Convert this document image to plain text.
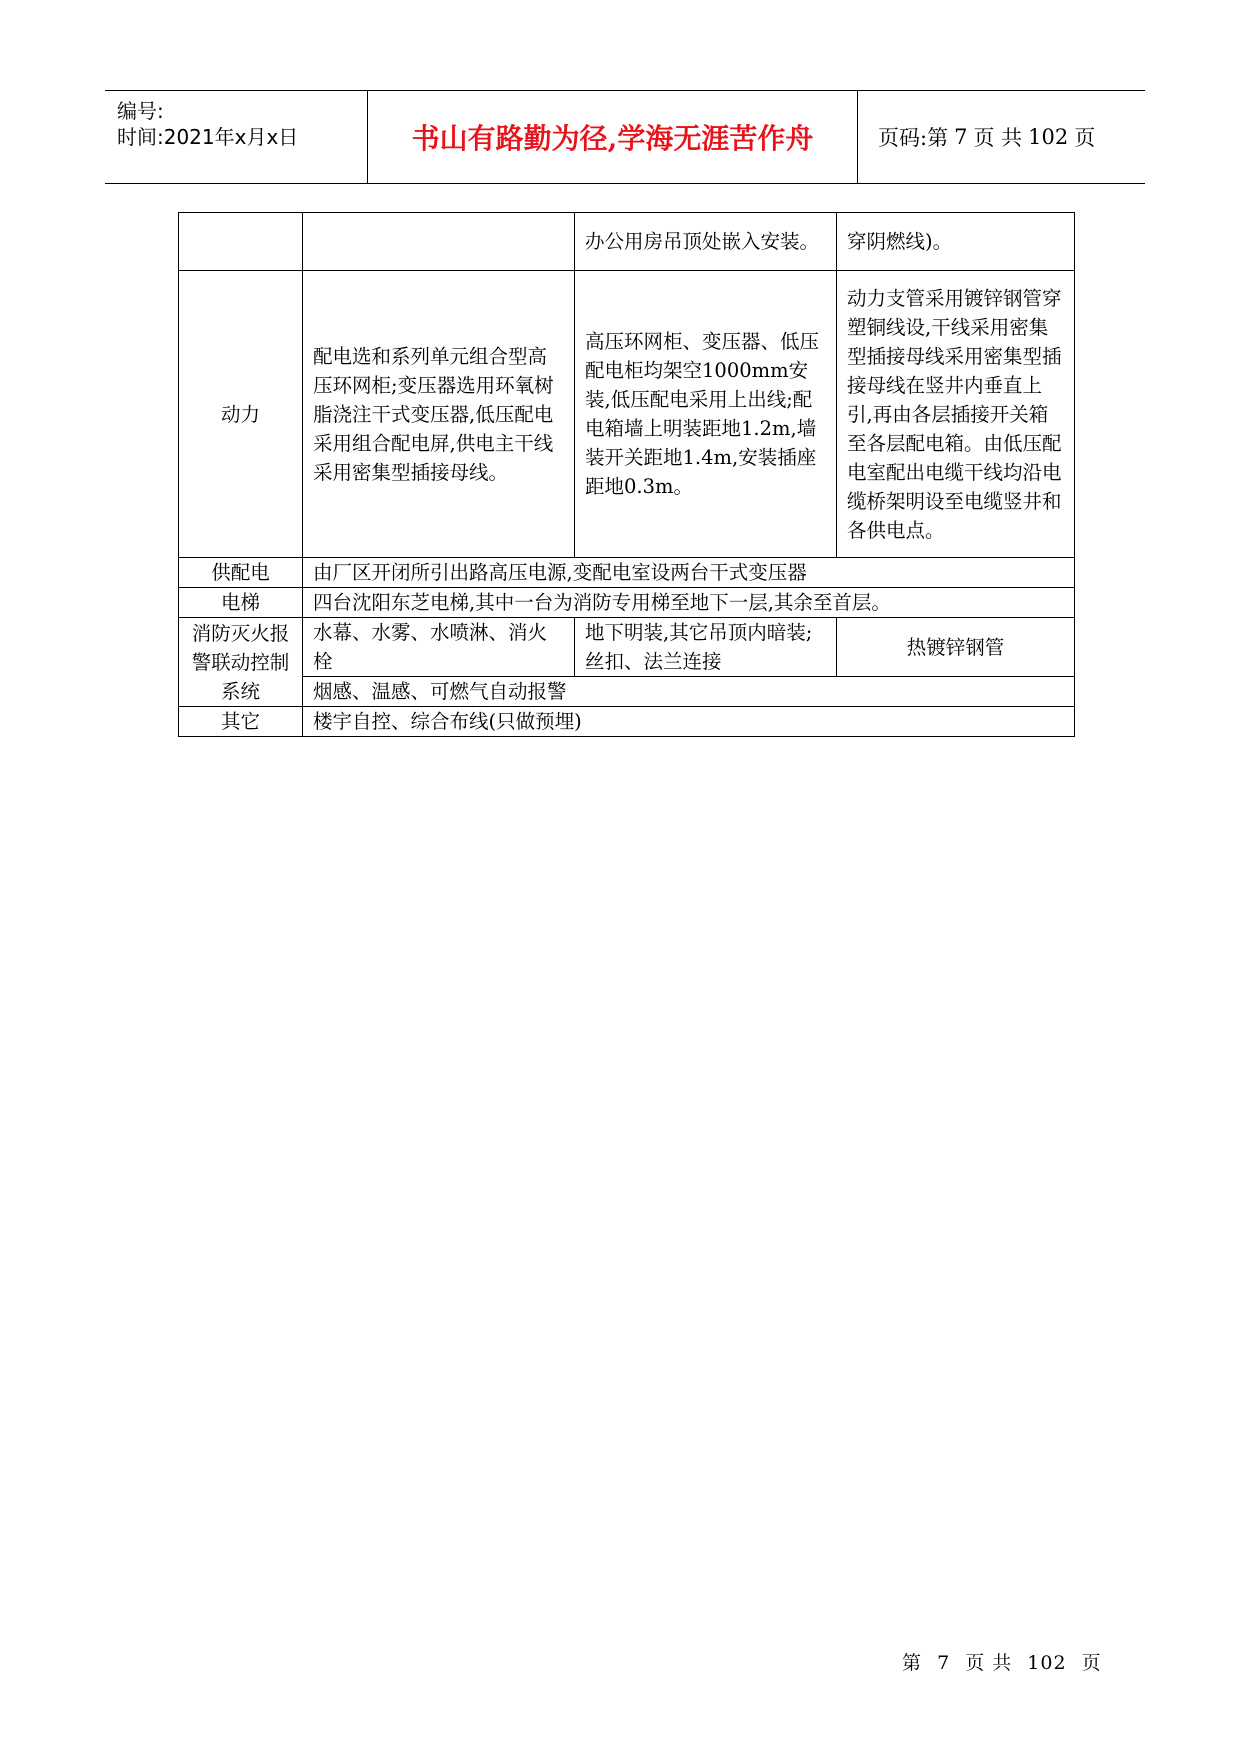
编号:
时间:2021年x月x日	书山有路勤为径,学海无涯苦作舟	页码:第 7 页 共 102 页
		办公用房吊顶处嵌入安装。	穿阴燃线)。
动力	配电选和系列单元组合型高压环网柜;变压器选用环氧树脂浇注干式变压器,低压配电采用组合配电屏,供电主干线采用密集型插接母线。	高压环网柜、变压器、低压配电柜均架空1000mm安装,低压配电采用上出线;配电箱墙上明装距地1.2m,墙装开关距地1.4m,安装插座距地0.3m。	动力支管采用镀锌钢管穿塑铜线设,干线采用密集型插接母线采用密集型插接母线在竖井内垂直上引,再由各层插接开关箱至各层配电箱。由低压配电室配出电缆干线均沿电缆桥架明设至电缆竖井和各供电点。
供配电	由厂区开闭所引出路高压电源,变配电室设两台干式变压器		
电梯	四台沈阳东芝电梯,其中一台为消防专用梯至地下一层,其余至首层。		
消防灭火报警联动控制系统	水幕、水雾、水喷淋、消火栓	地下明装,其它吊顶内暗装;丝扣、法兰连接	热镀锌钢管
	烟感、温感、可燃气自动报警		
其它	楼宇自控、综合布线(只做预埋)		
第 7 页 共 102 页
